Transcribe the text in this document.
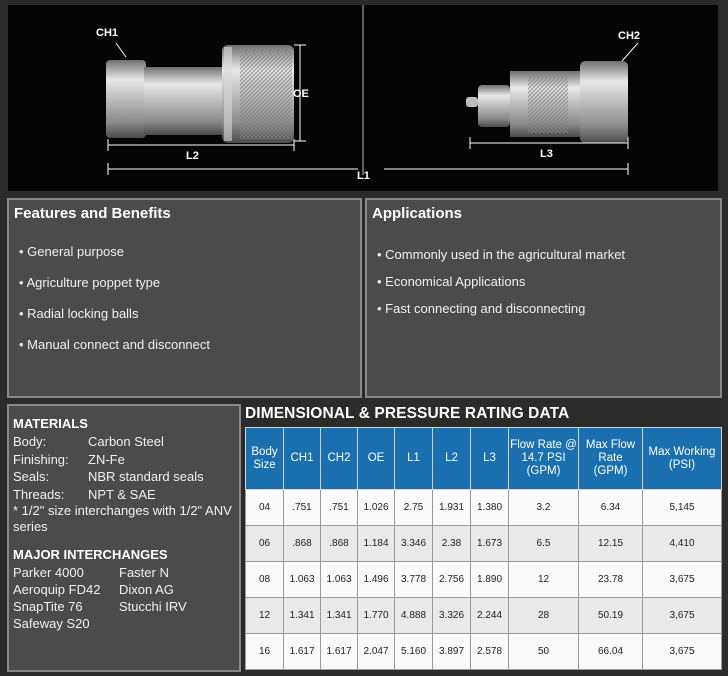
CH1
OE
L2
CH2
L3
L1
Features and Benefits
• General purpose
• Agriculture poppet type
• Radial locking balls
• Manual connect and disconnect
Applications
• Commonly used in the agricultural market
• Economical Applications
• Fast connecting and disconnecting
MATERIALS
Body:	Carbon Steel
Finishing:	ZN-Fe
Seals:	NBR standard seals
Threads:	NPT & SAE
* 1/2" size interchanges with 1/2" ANV series
MAJOR INTERCHANGES
Parker 4000	Faster N
Aeroquip FD42	Dixon AG
SnapTite 76	Stucchi IRV
Safeway S20
DIMENSIONAL & PRESSURE RATING DATA
Body Size	CH1	CH2	OE	L1	L2	L3	Flow Rate @ 14.7 PSI (GPM)	Max Flow Rate (GPM)	Max Working (PSI)
04	.751	.751	1.026	2.75	1.931	1.380	3.2	6.34	5,145
06	.868	.868	1.184	3.346	2.38	1.673	6.5	12.15	4,410
08	1.063	1.063	1.496	3.778	2.756	1.890	12	23.78	3,675
12	1.341	1.341	1.770	4.888	3.326	2.244	28	50.19	3,675
16	1.617	1.617	2.047	5.160	3.897	2.578	50	66.04	3,675
